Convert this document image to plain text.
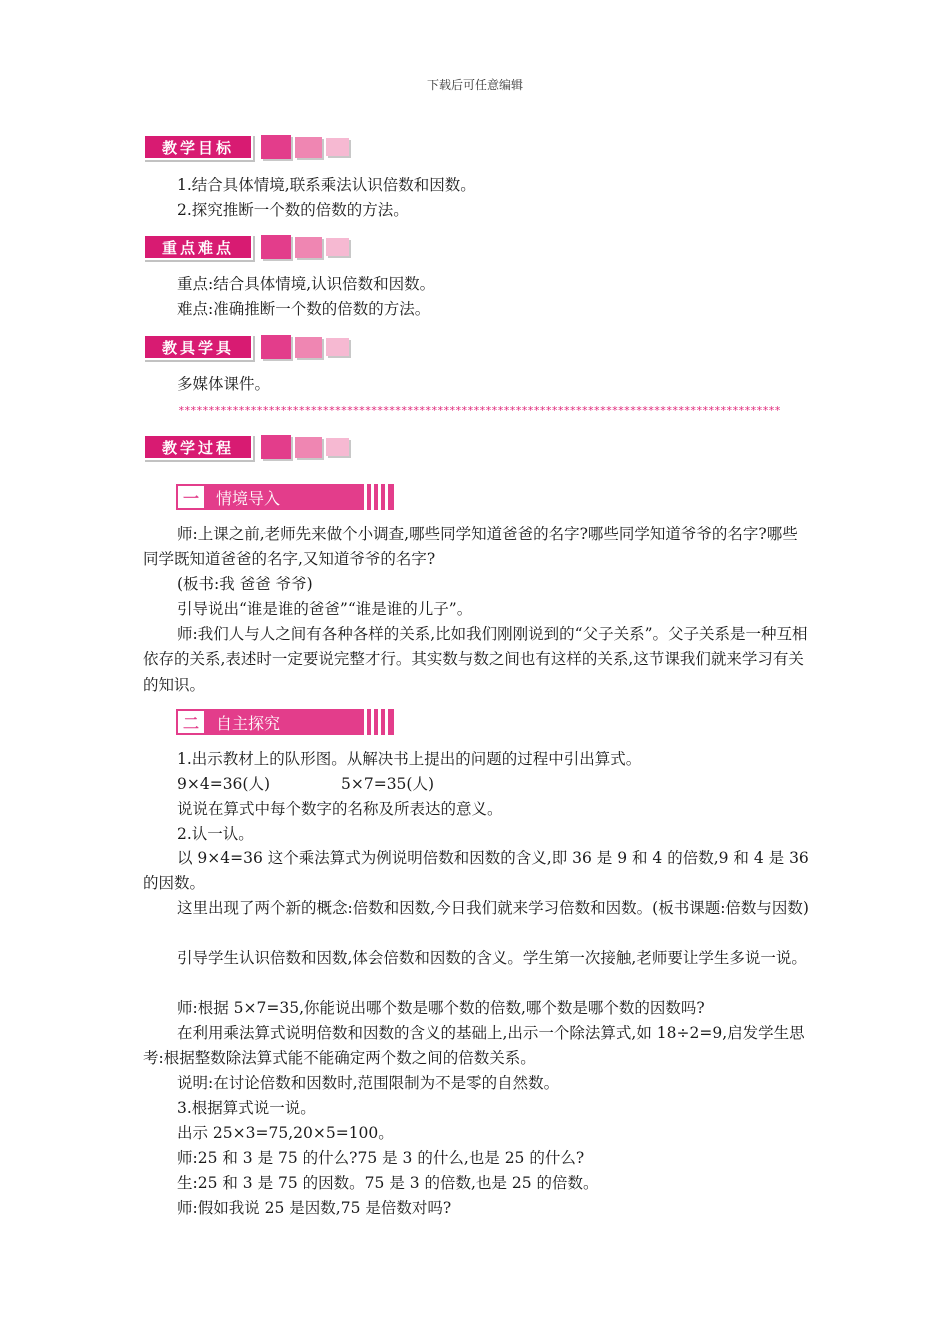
下载后可任意编辑
教学目标
1.结合具体情境,联系乘法认识倍数和因数。
2.探究推断一个数的倍数的方法。
重点难点
重点:结合具体情境,认识倍数和因数。
难点:准确推断一个数的倍数的方法。
教具学具
多媒体课件。
****************************************************************************************************
教学过程
一	情境导入

师:上课之前,老师先来做个小调查,哪些同学知道爸爸的名字?哪些同学知道爷爷的名字?哪些同学既知道爸爸的名字,又知道爷爷的名字?

(板书:我 爸爸 爷爷)

引导说出“谁是谁的爸爸”“谁是谁的儿子”。

师:我们人与人之间有各种各样的关系,比如我们刚刚说到的“父子关系”。父子关系是一种互相依存的关系,表述时一定要说完整才行。其实数与数之间也有这样的关系,这节课我们就来学习有关的知识。

二	自主探究

1.出示教材上的队形图。从解决书上提出的问题的过程中引出算式。

9×4=36(人)	5×7=35(人)

说说在算式中每个数字的名称及所表达的意义。

2.认一认。

以 9×4=36 这个乘法算式为例说明倍数和因数的含义,即 36 是 9 和 4 的倍数,9 和 4 是 36 的因数。

这里出现了两个新的概念:倍数和因数,今日我们就来学习倍数和因数。(板书课题:倍数与因数)

引导学生认识倍数和因数,体会倍数和因数的含义。学生第一次接触,老师要让学生多说一说。

师:根据 5×7=35,你能说出哪个数是哪个数的倍数,哪个数是哪个数的因数吗?

在利用乘法算式说明倍数和因数的含义的基础上,出示一个除法算式,如 18÷2=9,启发学生思考:根据整数除法算式能不能确定两个数之间的倍数关系。

说明:在讨论倍数和因数时,范围限制为不是零的自然数。

3.根据算式说一说。

出示 25×3=75,20×5=100。

师:25 和 3 是 75 的什么?75 是 3 的什么,也是 25 的什么?

生:25 和 3 是 75 的因数。75 是 3 的倍数,也是 25 的倍数。

师:假如我说 25 是因数,75 是倍数对吗?
